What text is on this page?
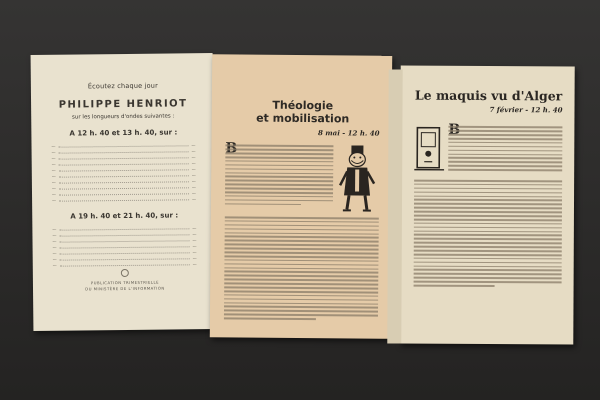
Écoutez chaque jour
PHILIPPE HENRIOT
sur les longueurs d'ondes suivantes :
A 12 h. 40 et 13 h. 40, sur :
—	—
—	—
—	—
—	—
—	—
—	—
—	—
—	—
—	—
—	—
A 19 h. 40 et 21 h. 40, sur :
—	—
—	—
—	—
—	—
—	—
—	—
—	—
PUBLICATION TRIMESTRIELLE
DU MINISTÈRE DE L'INFORMATION
Théologie
et mobilisation
8 mai - 12 h. 40
Le maquis vu d'Alger
7 février - 12 h. 40
